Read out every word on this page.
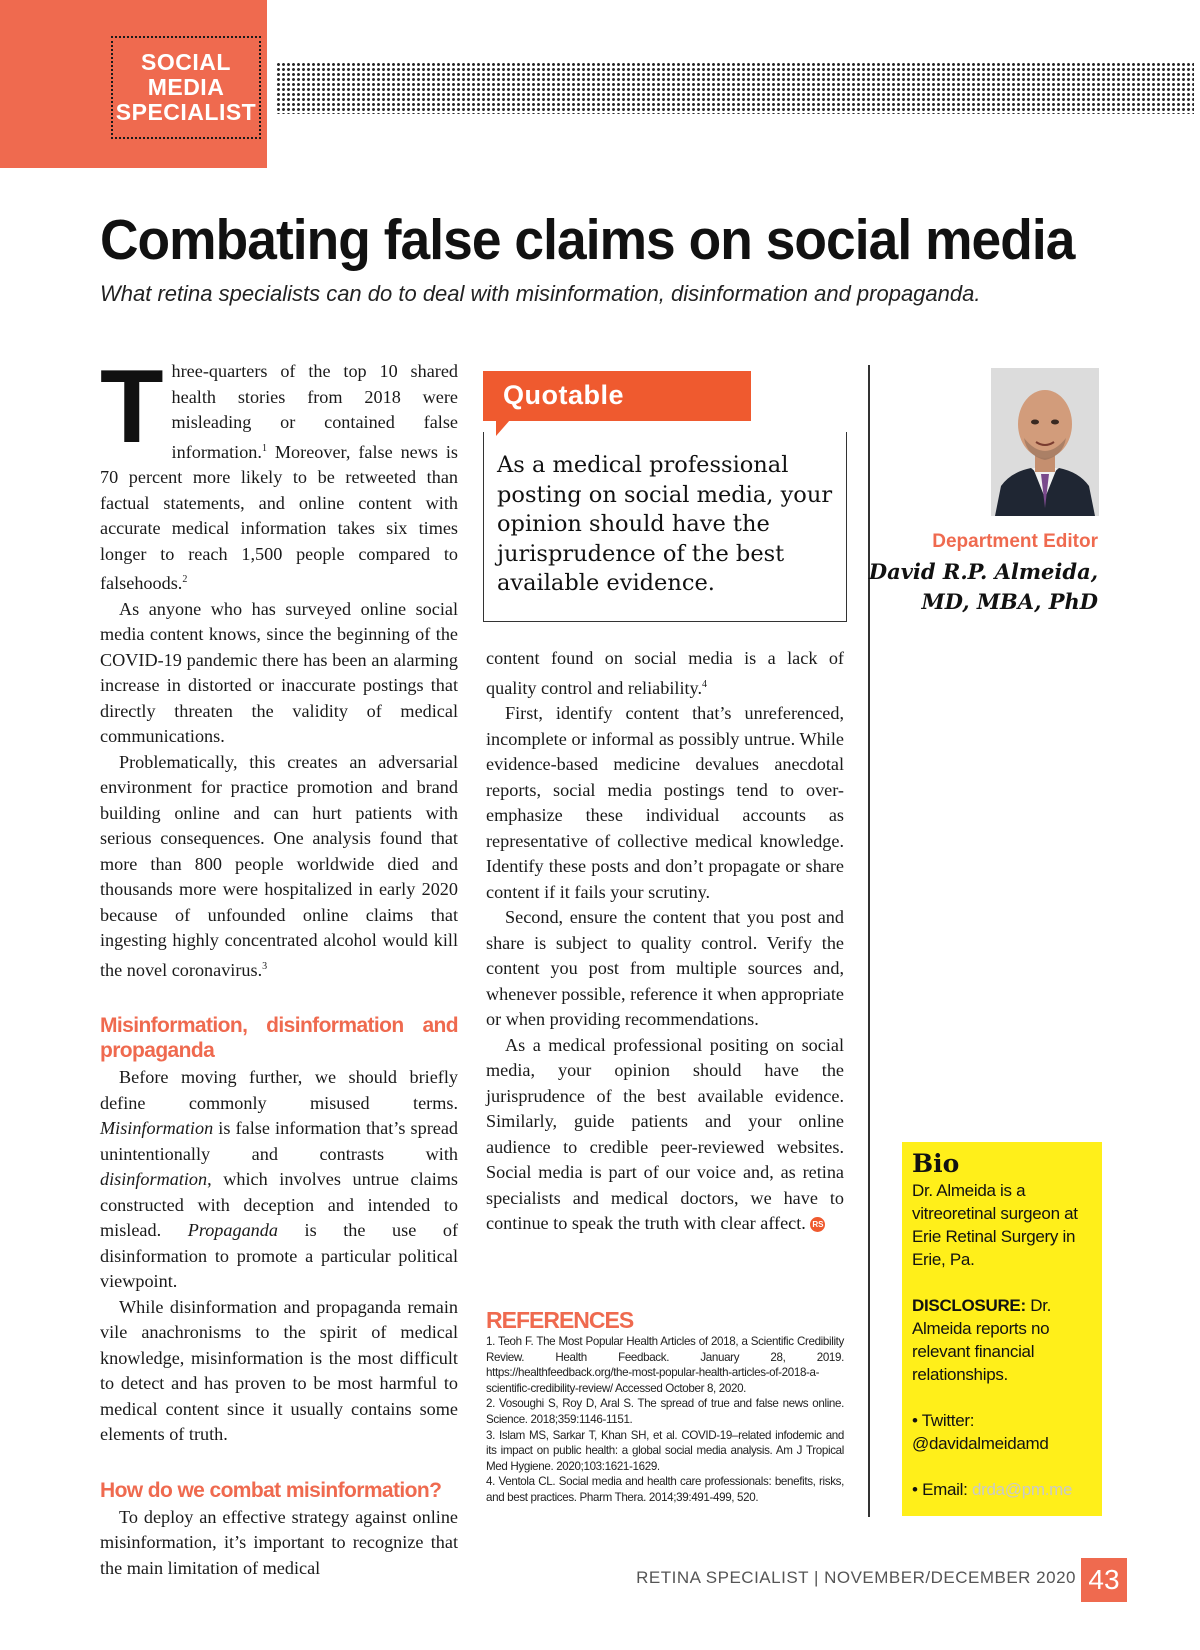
SOCIAL
MEDIA
SPECIALIST
Combating false claims on social media
What retina specialists can do to deal with misinformation, disinformation and propaganda.

Three-quarters of the top 10 shared health stories from 2018 were misleading or contained false information.$^1$ Moreover, false news is 70 percent more likely to be retweeted than factual statements, and online content with accurate medical information takes six times longer to reach 1,500 people compared to falsehoods.$^2$

As anyone who has surveyed online social media content knows, since the beginning of the COVID-19 pandemic there has been an alarming increase in distorted or inaccurate postings that directly threaten the validity of medical communications.

Problematically, this creates an adversarial environment for practice promotion and brand building online and can hurt patients with serious consequences. One analysis found that more than 800 people worldwide died and thousands more were hospitalized in early 2020 because of unfounded online claims that ingesting highly concentrated alcohol would kill the novel coronavirus.$^3$

Misinformation, disinformation and propaganda

Before moving further, we should briefly define commonly misused terms. Misinformation is false information that’s spread unintentionally and contrasts with disinformation, which involves untrue claims constructed with deception and intended to mislead. Propaganda is the use of disinformation to promote a particular political viewpoint.

While disinformation and propaganda remain vile anachronisms to the spirit of medical knowledge, misinformation is the most difficult to detect and has proven to be most harmful to medical content since it usually contains some elements of truth.

How do we combat misinformation?

To deploy an effective strategy against online misinformation, it’s important to recognize that the main limitation of medical

Quotable
As a medical professional posting on social media, your opinion should have the jurisprudence of the best available evidence.

content found on social media is a lack of quality control and reliability.$^4$

First, identify content that’s unreferenced, incomplete or informal as possibly untrue. While evidence-based medicine devalues anecdotal reports, social media postings tend to over-emphasize these individual accounts as representative of collective medical knowledge. Identify these posts and don’t propagate or share content if it fails your scrutiny.

Second, ensure the content that you post and share is subject to quality control. Verify the content you post from multiple sources and, whenever possible, reference it when appropriate or when providing recommendations.

As a medical professional positing on social media, your opinion should have the jurisprudence of the best available evidence. Similarly, guide patients and your online audience to credible peer-reviewed websites. Social media is part of our voice and, as retina specialists and medical doctors, we have to continue to speak the truth with clear affect. RS

REFERENCES

1. Teoh F. The Most Popular Health Articles of 2018, a Scientific Credibility Review. Health Feedback. January 28, 2019. https://healthfeedback.org/the-most-popular-health-articles-of-2018-a-scientific-credibility-review/ Accessed October 8, 2020.

2. Vosoughi S, Roy D, Aral S. The spread of true and false news online. Science. 2018;359:1146-1151.

3. Islam MS, Sarkar T, Khan SH, et al. COVID-19–related infodemic and its impact on public health: a global social media analysis. Am J Tropical Med Hygiene. 2020;103:1621-1629.

4. Ventola CL. Social media and health care professionals: benefits, risks, and best practices. Pharm Thera. 2014;39:491-499, 520.

Department Editor
David R.P. Almeida,
MD, MBA, PhD
Bio

Dr. Almeida is a vitreoretinal surgeon at Erie Retinal Surgery in Erie, Pa.

DISCLOSURE: Dr. Almeida reports no relevant financial relationships.

• Twitter:

@davidalmeidamd

• Email: drda@pm.me

RETINA SPECIALIST | NOVEMBER/DECEMBER 2020 43
